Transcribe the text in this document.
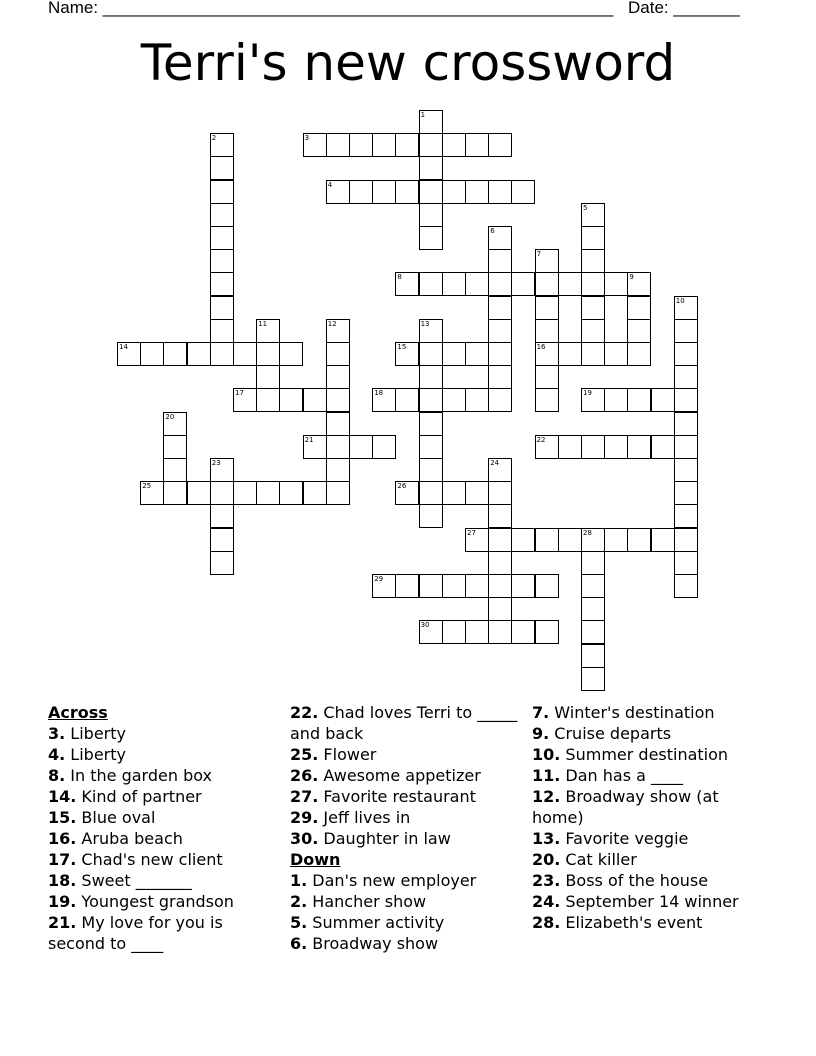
Name: ______________________________________________________ Date: _______
Terri's new crossword
1
2	3
4
5
6
7
16
8	9
10
11	12	13
14	15
17	18	19
20
21	22
23	24
25	26
27	28
29
30
Across
3. Liberty
4. Liberty
8. In the garden box
14. Kind of partner
15. Blue oval
16. Aruba beach
17. Chad's new client
18. Sweet _______
19. Youngest grandson
21. My love for you is second to ____
22. Chad loves Terri to _____ and back
25. Flower
26. Awesome appetizer
27. Favorite restaurant
29. Jeff lives in
30. Daughter in law
Down
1. Dan's new employer
2. Hancher show
5. Summer activity
6. Broadway show
7. Winter's destination
9. Cruise departs
10. Summer destination
11. Dan has a ____
12. Broadway show (at home)
13. Favorite veggie
20. Cat killer
23. Boss of the house
24. September 14 winner
28. Elizabeth's event
